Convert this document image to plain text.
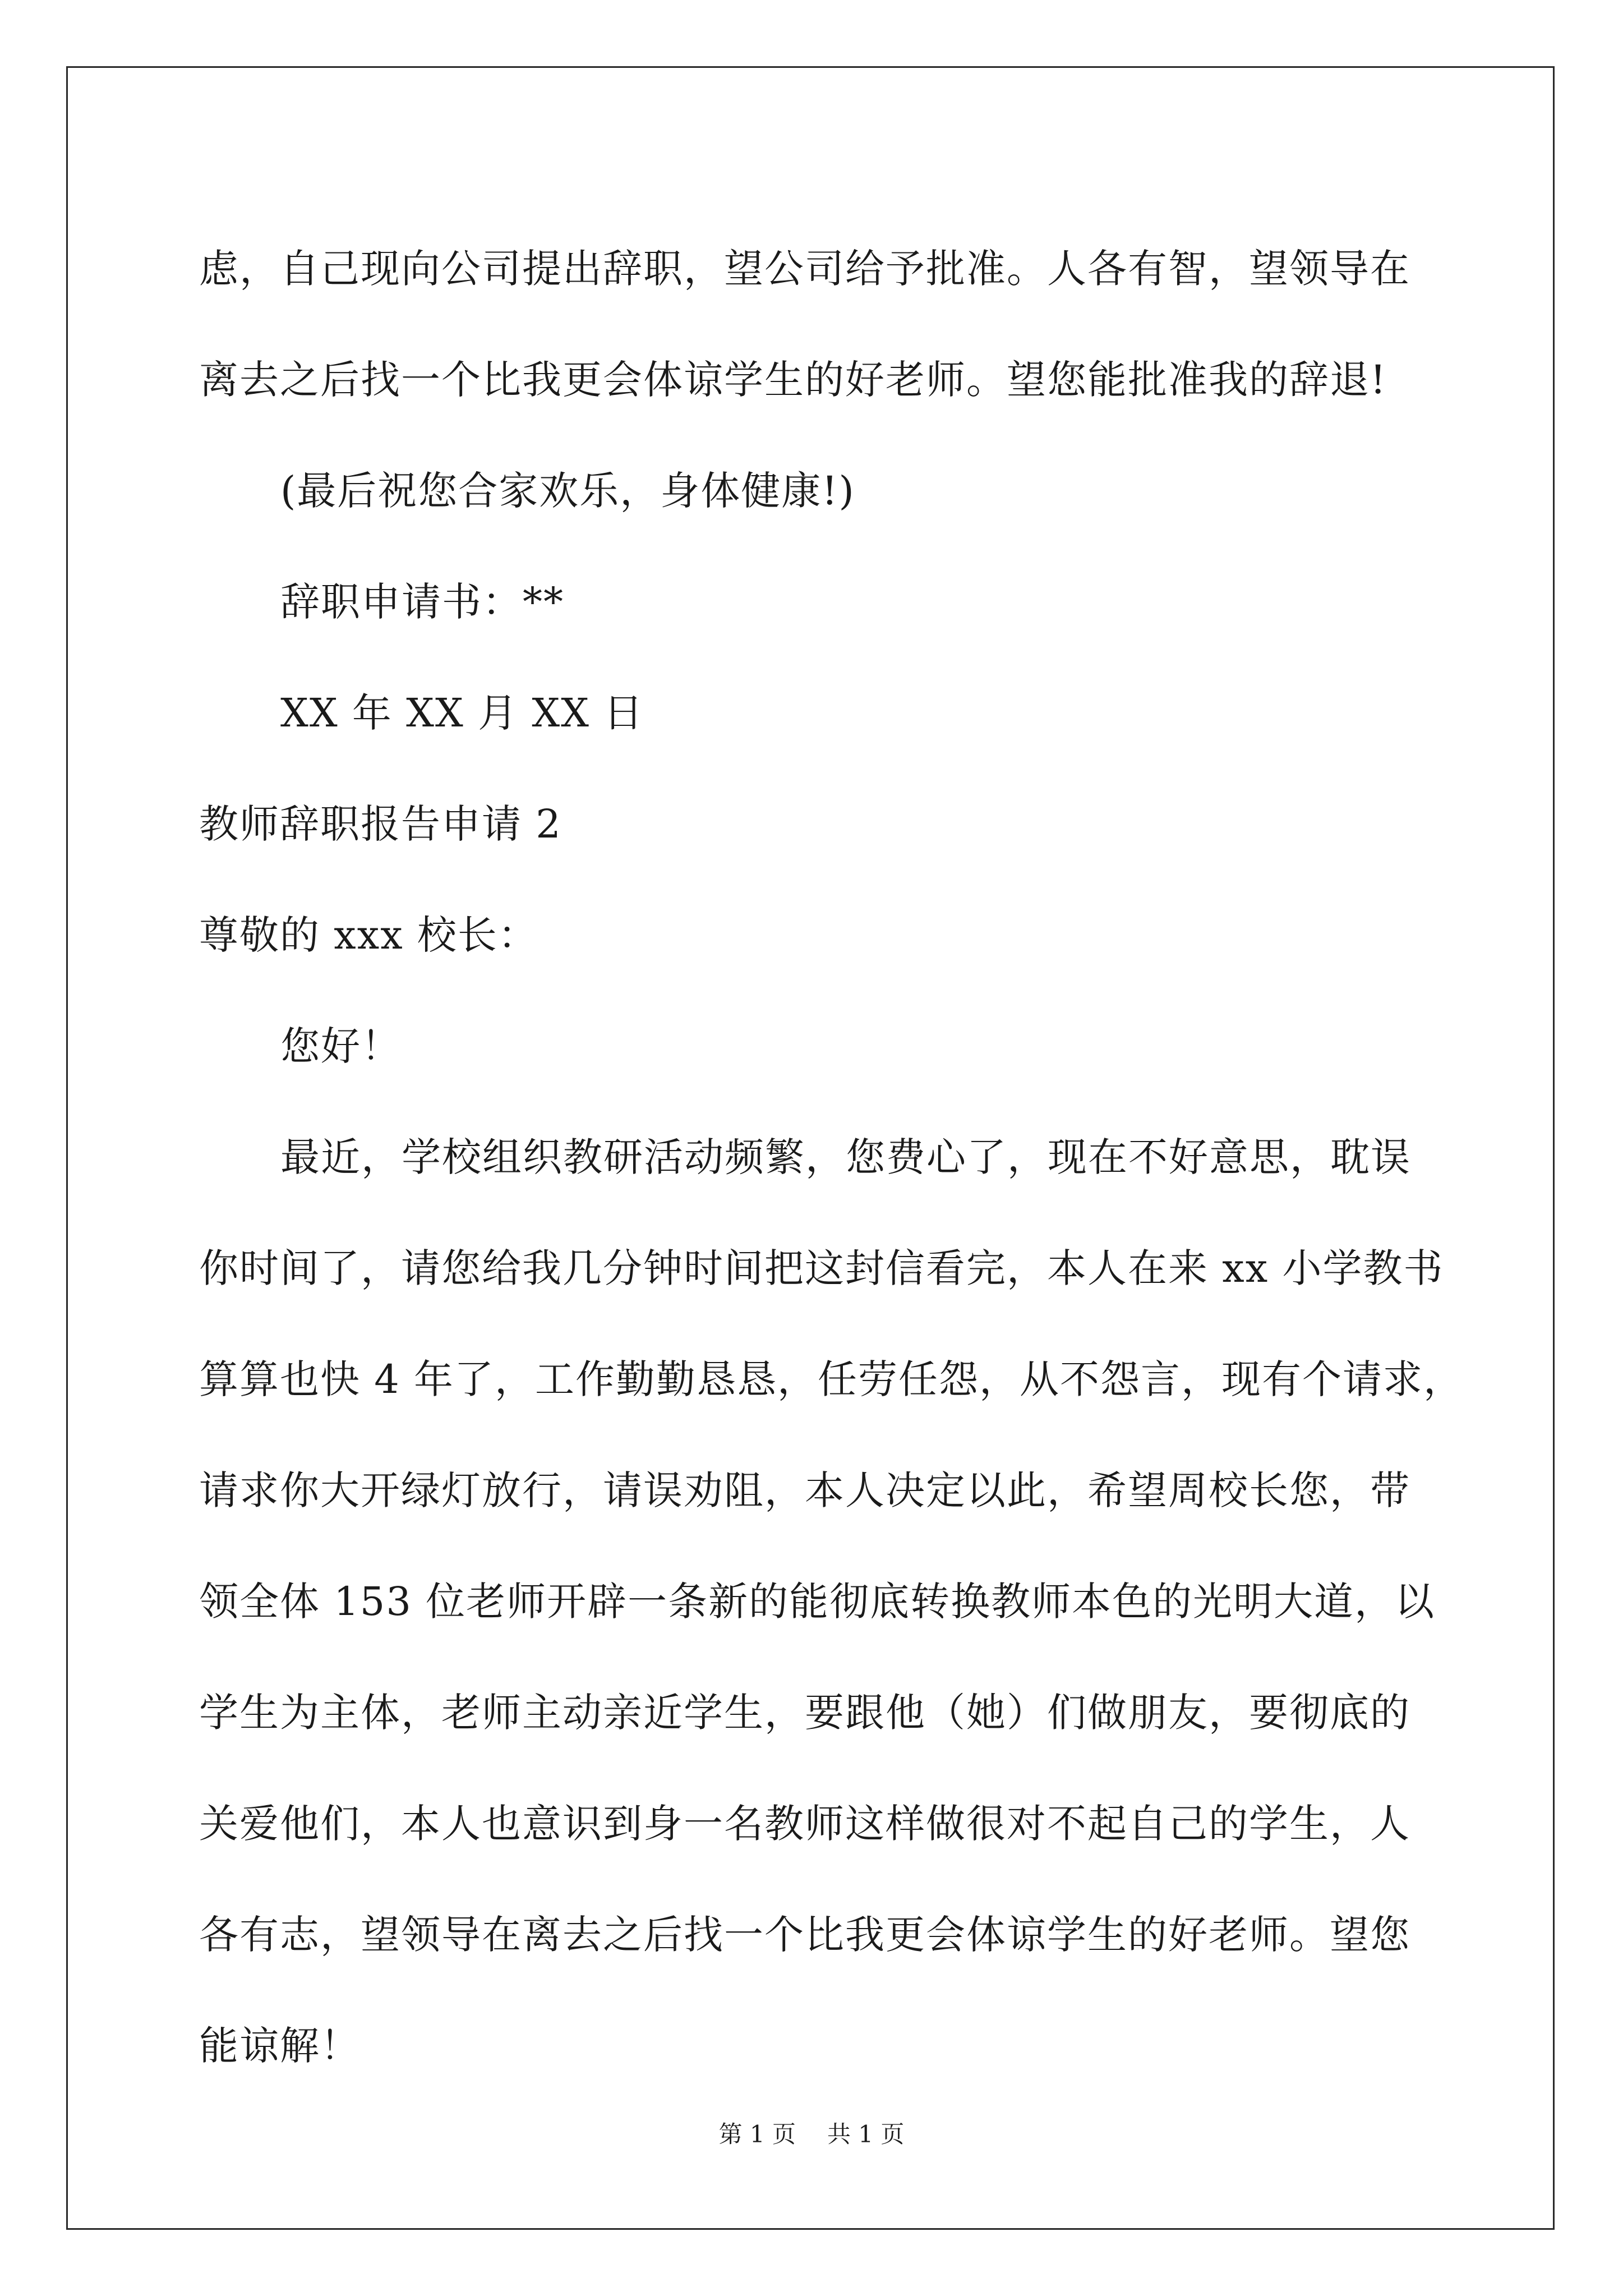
虑，自己现向公司提出辞职，望公司给予批准。人各有智，望领导在
离去之后找一个比我更会体谅学生的好老师。望您能批准我的辞退!
(最后祝您合家欢乐，身体健康!)
辞职申请书：**
XX 年 XX 月 XX 日
教师辞职报告申请 2
尊敬的 xxx 校长：
您好！
最近，学校组织教研活动频繁，您费心了，现在不好意思，耽误
你时间了，请您给我几分钟时间把这封信看完，本人在来 xx 小学教书
算算也快 4 年了，工作勤勤恳恳，任劳任怨，从不怨言，现有个请求，
请求你大开绿灯放行，请误劝阻，本人决定以此，希望周校长您，带
领全体 153 位老师开辟一条新的能彻底转换教师本色的光明大道，以
学生为主体，老师主动亲近学生，要跟他（她）们做朋友，要彻底的
关爱他们，本人也意识到身一名教师这样做很对不起自己的学生，人
各有志，望领导在离去之后找一个比我更会体谅学生的好老师。望您
能谅解！
第 1 页 共 1 页
